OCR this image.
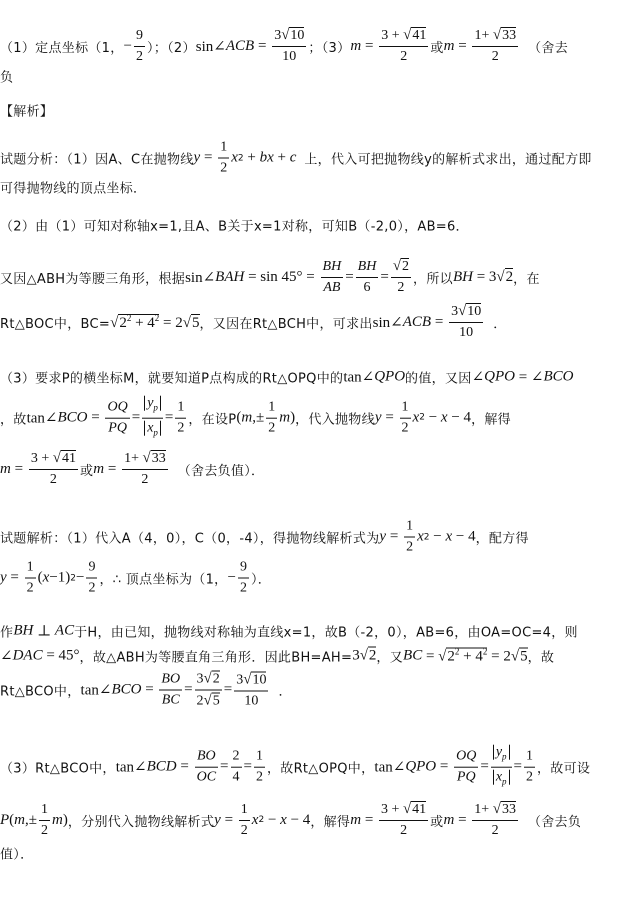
（1）定点坐标（1， − $\frac{9}{2}$ ）；（2） sin∠ ACB = $\frac{3√10}{10}$ ；（3） $m = \frac{3 + √41}{2}$ 或 $m = \frac{1+ √33}{2}$ （舍去
负
【解析】
试题分析：（1）因A、C在抛物线 $y = \frac{1}{2}$ x 2 + bx + c 上，代入可把抛物线y的解析式求出，通过配方即
可得抛物线的顶点坐标．
（2）由（1）可知对称轴x=1,且A、B关于x=1对称，可知B（-2,0），AB=6．
又因△ABH为等腰三角形，根据 sin∠ BAH = $\sin 45^\circ = \frac{BH}{AB} = \frac{BH}{6} = \frac{√2}{2}$ ，所以 BH = 3√2 ，在
Rt△BOC中，$BC= √2^2 + 4^2 = 2√5$ ，又因在Rt△BCH中，可求出 sin∠ ACB = $\frac{3√10}{10}$ ．
（3）要求P的横坐标M，就要知道P点构成的Rt△OPQ中的 tan∠ QPO 的值，又因 ∠ QPO = ∠ BCO
，故 tan∠ BCO = $\frac{OQ}{PQ} = \frac{y_p}{x_p} = \frac{1}{2}$ ，在设P ( m ,± $\frac{1}{2}$ m ) ，代入抛物线 $y = \frac{1}{2}$ x 2 − x − 4 ，解得
$m = \frac{3 + √41}{2}$ 或 $m = \frac{1+ √33}{2}$ （舍去负值）．
试题解析：（1）代入A（4，0），C（0，-4），得抛物线解析式为 $y = \frac{1}{2}$ x 2 − x − 4 ，配方得
$y = \frac{1}{2}$ ( x −1) $2 - \frac{9}{2}$ ，∴ 顶点坐标为（1， − $\frac{9}{2}$ ）．
作 BH ⊥ AC 于H，由已知，抛物线对称轴为直线x=1，故B（-2，0），AB=6，由OA=OC=4，则
∠ DAC = 45° ，故△ABH为等腰直角三角形．因此BH=AH= 3√2 ，又 BC = $√2^2 + 4^2 = 2√5$ ，故
Rt△BCO中， tan∠ BCO = $\frac{BO}{BC} = \frac{3√2}{2√5} = \frac{3√10}{10}$ ．
（3）Rt△BCO中， tan∠ BCD = $\frac{BO}{OC} = \frac{2}{4} = \frac{1}{2}$ ，故Rt△OPQ中， tan∠ QPO = $\frac{OQ}{PQ} = \frac{y_p}{x_p} = \frac{1}{2}$ ，故可设
P ( m ,± $\frac{1}{2}$ m ) ，分别代入抛物线解析式 $y = \frac{1}{2}$ x 2 − x − 4 ，解得 $m = \frac{3 + √41}{2}$ 或 $m = \frac{1+ √33}{2}$ （舍去负
值）．
